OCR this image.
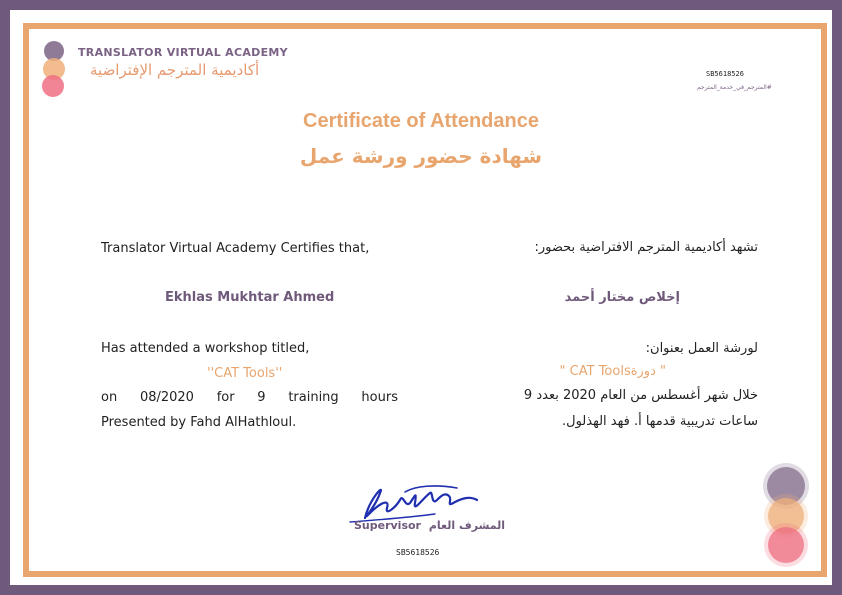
TRANSLATOR VIRTUAL ACADEMY
أكاديمية المترجم الإفتراضية	SB5618526
#المترجم_في_خدمة_المترجم
Certificate of Attendance
شهادة حضور ورشة عمل
Translator Virtual Academy Certifies that,
Ekhlas Mukhtar Ahmed
Has attended a workshop titled,
''CAT Tools''
on 08/2020 for 9 training hours
Presented by Fahd AlHathloul.
تشهد أكاديمية المترجم الافتراضية بحضور:
إخلاص مختار أحمد
لورشة العمل بعنوان:
" دورةCAT Tools "
خلال شهر أغسطس من العام 2020 بعدد 9
ساعات تدريبية قدمها أ. فهد الهذلول.
Supervisor المشرف العام
SB5618526
